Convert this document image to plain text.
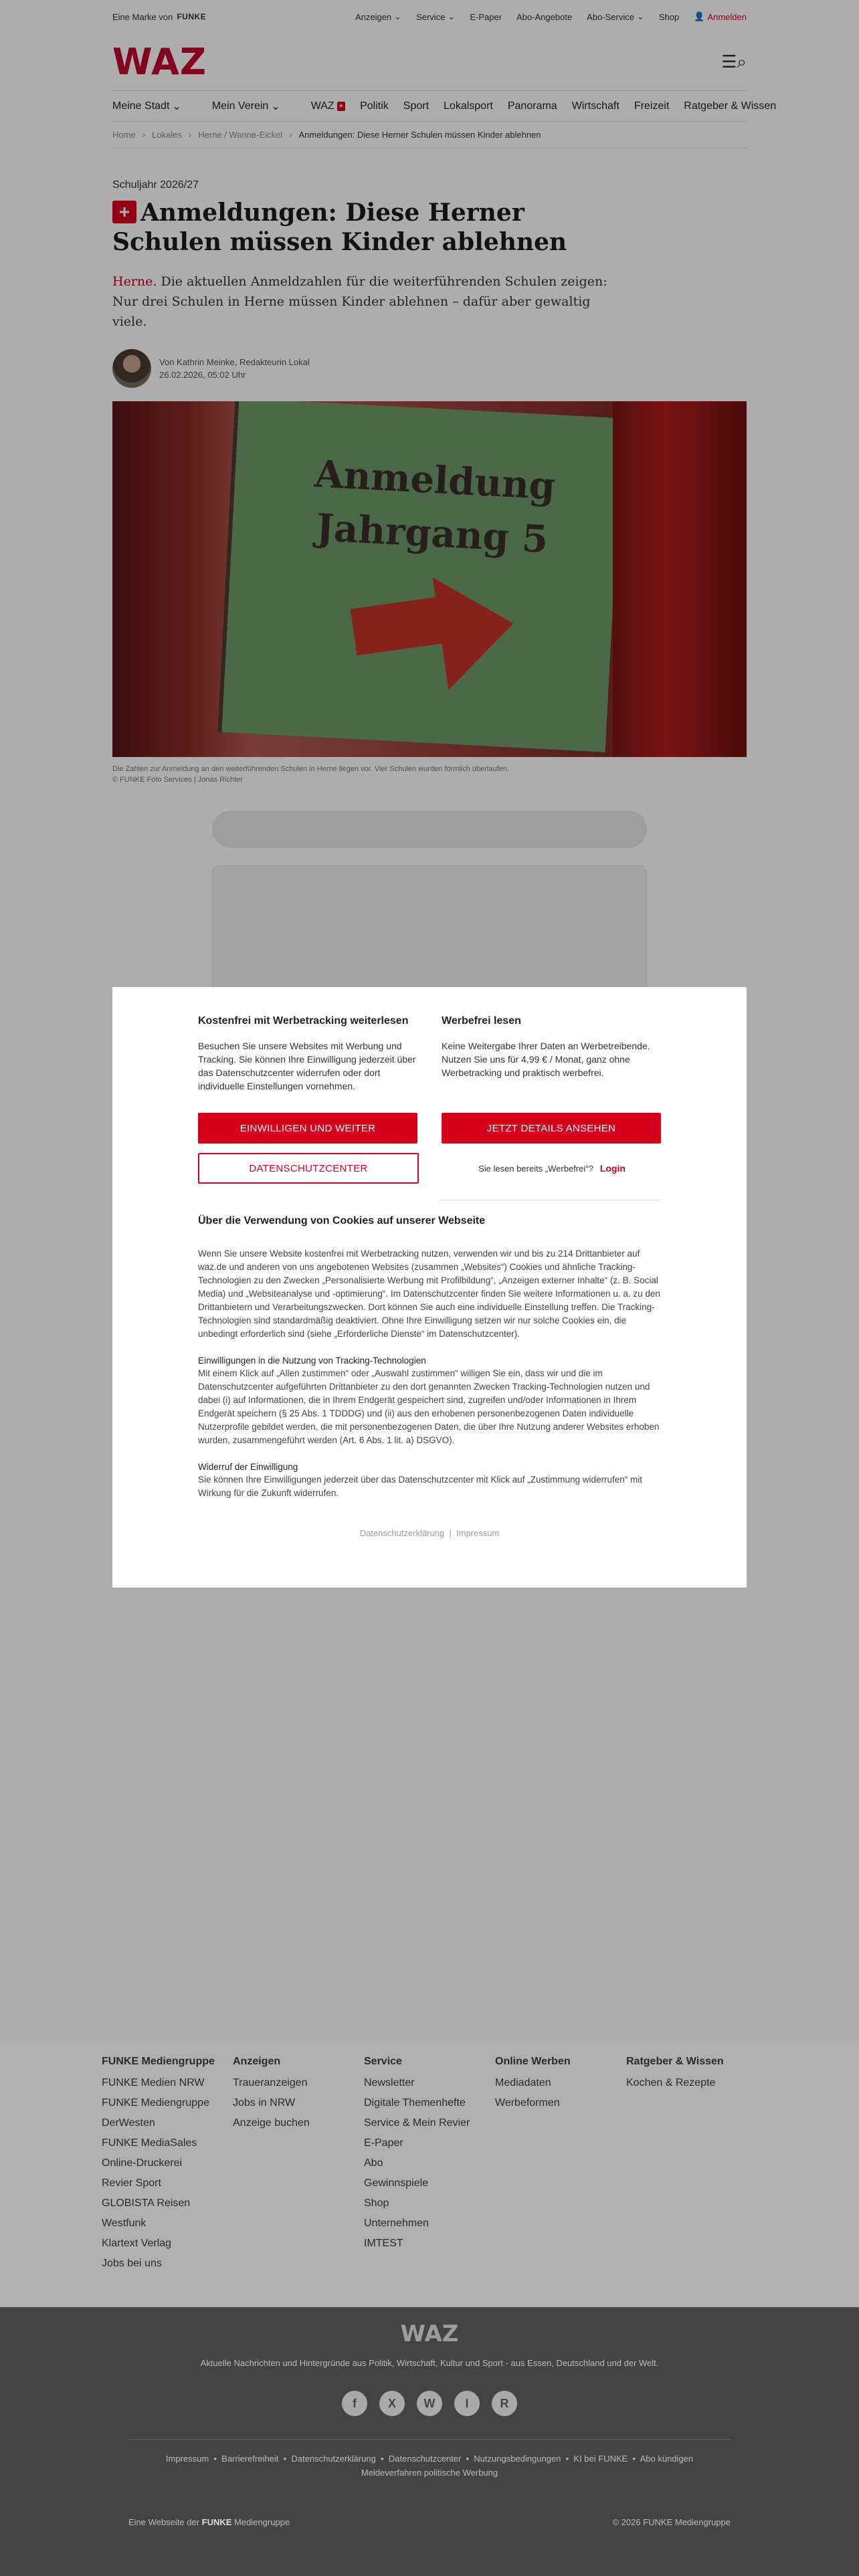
Eine Marke von FUNKE	Anzeigen ⌄ Service ⌄ E-Paper Abo-Angebote Abo-Service ⌄ Shop 👤 Anmelden
WAZ	☰⌕
Meine Stadt ⌄	Mein Verein ⌄	WAZ +	Politik	Sport	Lokalsport	Panorama	Wirtschaft	Freizeit	Ratgeber & Wissen
Home › Lokales › Herne / Wanne-Eickel › Anmeldungen: Diese Herner Schulen müssen Kinder ablehnen
Schuljahr 2026/27
+ Anmeldungen: Diese Herner Schulen müssen Kinder ablehnen

Herne. Die aktuellen Anmeldzahlen für die weiterführenden Schulen zeigen: Nur drei Schulen in Herne müssen Kinder ablehnen – dafür aber gewaltig viele.

Von Kathrin Meinke, Redakteurin Lokal
26.02.2026, 05:02 Uhr
Anmeldung
Jahrgang 5
Die Zahlen zur Anmeldung an den weiterführenden Schulen in Herne liegen vor. Vier Schulen wurden förmlich überlaufen.
© FUNKE Foto Services | Jonas Richter
Kostenfrei mit Werbetracking weiterlesen

Besuchen Sie unsere Websites mit Werbung und Tracking. Sie können Ihre Einwilligung jederzeit über das Datenschutzcenter widerrufen oder dort individuelle Einstellungen vornehmen.

Werbefrei lesen

Keine Weitergabe Ihrer Daten an Werbetreibende. Nutzen Sie uns für 4,99 € / Monat, ganz ohne Werbetracking und praktisch werbefrei.

EINWILLIGEN UND WEITER	JETZT DETAILS ANSEHEN
DATENSCHUTZCENTER	Sie lesen bereits „Werbefrei“? Login
Über die Verwendung von Cookies auf unserer Webseite

Wenn Sie unsere Website kostenfrei mit Werbetracking nutzen, verwenden wir und bis zu 214 Drittanbieter auf waz.de und anderen von uns angebotenen Websites (zusammen „Websites“) Cookies und ähnliche Tracking-Technologien zu den Zwecken „Personalisierte Werbung mit Profilbildung“, „Anzeigen externer Inhalte“ (z. B. Social Media) und „Websiteanalyse und -optimierung“. Im Datenschutzcenter finden Sie weitere Informationen u. a. zu den Drittanbietern und Verarbeitungszwecken. Dort können Sie auch eine individuelle Einstellung treffen. Die Tracking-Technologien sind standardmäßig deaktiviert. Ohne Ihre Einwilligung setzen wir nur solche Cookies ein, die unbedingt erforderlich sind (siehe „Erforderliche Dienste“ im Datenschutzcenter).

Einwilligungen in die Nutzung von Tracking-Technologien

Mit einem Klick auf „Allen zustimmen“ oder „Auswahl zustimmen“ willigen Sie ein, dass wir und die im Datenschutzcenter aufgeführten Drittanbieter zu den dort genannten Zwecken Tracking-Technologien nutzen und dabei (i) auf Informationen, die in Ihrem Endgerät gespeichert sind, zugreifen und/oder Informationen in Ihrem Endgerät speichern (§ 25 Abs. 1 TDDDG) und (ii) aus den erhobenen personenbezogenen Daten individuelle Nutzerprofile gebildet werden, die mit personenbezogenen Daten, die über Ihre Nutzung anderer Websites erhoben wurden, zusammengeführt werden (Art. 6 Abs. 1 lit. a) DSGVO).

Widerruf der Einwilligung

Sie können Ihre Einwilligungen jederzeit über das Datenschutzcenter mit Klick auf „Zustimmung widerrufen“ mit Wirkung für die Zukunft widerrufen.

Datenschutzerklärung  |  Impressum
FUNKE Mediengruppe
FUNKE Medien NRW
FUNKE Mediengruppe
DerWesten
FUNKE MediaSales
Online-Druckerei
Revier Sport
GLOBISTA Reisen
Westfunk
Klartext Verlag
Jobs bei uns
Anzeigen
Traueranzeigen
Jobs in NRW
Anzeige buchen
Service
Newsletter
Digitale Themenhefte
Service & Mein Revier
E-Paper
Abo
Gewinnspiele
Shop
Unternehmen
IMTEST
Online Werben
Mediadaten
Werbeformen
Ratgeber & Wissen
Kochen & Rezepte
WAZ
Aktuelle Nachrichten und Hintergründe aus Politik, Wirtschaft, Kultur und Sport - aus Essen, Deutschland und der Welt.
f	X	W	I	R
Impressum  •  Barrierefreiheit  •  Datenschutzerklärung  •  Datenschutzcenter  •  Nutzungsbedingungen  •  KI bei FUNKE  •  Abo kündigen
Meldeverfahren politische Werbung
Eine Webseite der FUNKE Mediengruppe	© 2026 FUNKE Mediengruppe
